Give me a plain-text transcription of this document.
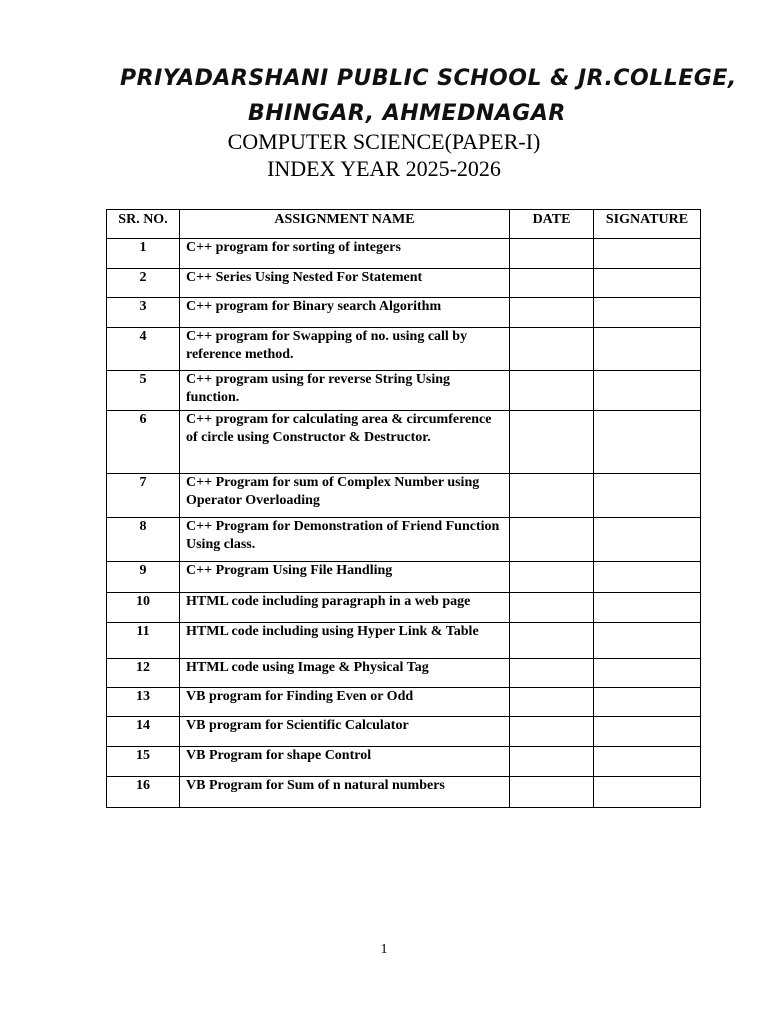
PRIYADARSHANI PUBLIC SCHOOL & JR.COLLEGE,
BHINGAR, AHMEDNAGAR
COMPUTER SCIENCE(PAPER-I)
INDEX YEAR 2025-2026
SR. NO.	ASSIGNMENT NAME	DATE	SIGNATURE
1	C++ program for sorting of integers		
2	C++ Series Using Nested For Statement		
3	C++ program for Binary search Algorithm		
4	C++ program for Swapping of no. using call by reference method.		
5	C++ program using for reverse String Using function.		
6	C++ program for calculating area & circumference of circle using Constructor & Destructor.		
7	C++ Program for sum of Complex Number using Operator Overloading		
8	C++ Program for Demonstration of Friend Function Using class.		
9	C++ Program Using File Handling		
10	HTML code including paragraph in a web page		
11	HTML code including using Hyper Link & Table		
12	HTML code using Image & Physical Tag		
13	VB program for Finding Even or Odd		
14	VB program for Scientific Calculator		
15	VB Program for shape Control		
16	VB Program for Sum of n natural numbers		
1
